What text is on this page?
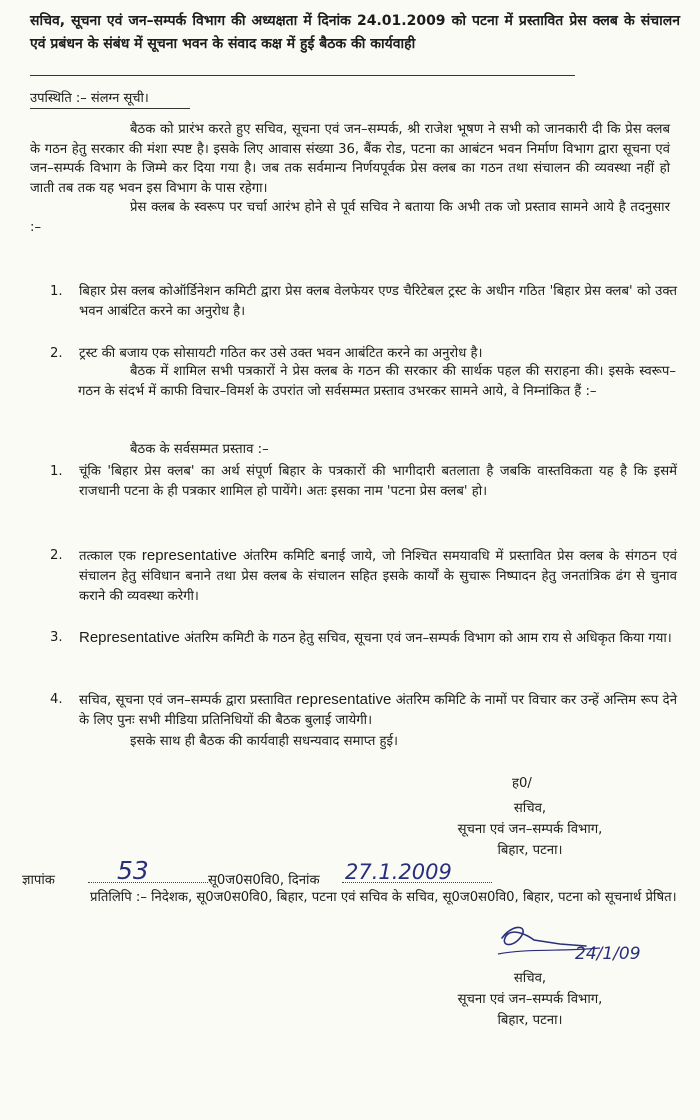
सचिव, सूचना एवं जन–सम्पर्क विभाग की अध्यक्षता में दिनांक 24.01.2009 को पटना में प्रस्तावित प्रेस क्लब के संचालन एवं प्रबंधन के संबंध में सूचना भवन के संवाद कक्ष में हुई बैठक की कार्यवाही
उपस्थिति :– संलग्न सूची।
बैठक को प्रारंभ करते हुए सचिव, सूचना एवं जन–सम्पर्क, श्री राजेश भूषण ने सभी को जानकारी दी कि प्रेस क्लब के गठन हेतु सरकार की मंशा स्पष्ट है। इसके लिए आवास संख्या 36, बैंक रोड, पटना का आबंटन भवन निर्माण विभाग द्वारा सूचना एवं जन–सम्पर्क विभाग के जिम्मे कर दिया गया है। जब तक सर्वमान्य निर्णयपूर्वक प्रेस क्लब का गठन तथा संचालन की व्यवस्था नहीं हो जाती तब तक यह भवन इस विभाग के पास रहेगा।
प्रेस क्लब के स्वरूप पर चर्चा आरंभ होने से पूर्व सचिव ने बताया कि अभी तक जो प्रस्ताव सामने आये है तदनुसार :–
1. बिहार प्रेस क्लब कोऑर्डिनेशन कमिटी द्वारा प्रेस क्लब वेलफेयर एण्ड चैरिटेबल ट्रस्ट के अधीन गठित 'बिहार प्रेस क्लब' को उक्त भवन आबंटित करने का अनुरोध है।
2. ट्रस्ट की बजाय एक सोसायटी गठित कर उसे उक्त भवन आबंटित करने का अनुरोध है।
बैठक में शामिल सभी पत्रकारों ने प्रेस क्लब के गठन की सरकार की सार्थक पहल की सराहना की। इसके स्वरूप–गठन के संदर्भ में काफी विचार–विमर्श के उपरांत जो सर्वसम्मत प्रस्ताव उभरकर सामने आये, वे निम्नांकित हैं :–
बैठक के सर्वसम्मत प्रस्ताव :–
1. चूंकि 'बिहार प्रेस क्लब' का अर्थ संपूर्ण बिहार के पत्रकारों की भागीदारी बतलाता है जबकि वास्तविकता यह है कि इसमें राजधानी पटना के ही पत्रकार शामिल हो पायेंगे। अतः इसका नाम 'पटना प्रेस क्लब' हो।
2. तत्काल एक representative अंतरिम कमिटि बनाई जाये, जो निश्चित समयावधि में प्रस्तावित प्रेस क्लब के संगठन एवं संचालन हेतु संविधान बनाने तथा प्रेस क्लब के संचालन सहित इसके कार्यों के सुचारू निष्पादन हेतु जनतांत्रिक ढंग से चुनाव कराने की व्यवस्था करेगी।
3. Representative अंतरिम कमिटी के गठन हेतु सचिव, सूचना एवं जन–सम्पर्क विभाग को आम राय से अधिकृत किया गया।
4. सचिव, सूचना एवं जन–सम्पर्क द्वारा प्रस्तावित representative अंतरिम कमिटि के नामों पर विचार कर उन्हें अन्तिम रूप देने के लिए पुनः सभी मीडिया प्रतिनिधियों की बैठक बुलाई जायेगी।
इसके साथ ही बैठक की कार्यवाही सधन्यवाद समाप्त हुई।
ह0/
सचिव,
सूचना एवं जन–सम्पर्क विभाग,
बिहार, पटना।
ज्ञापांक 53	सू0ज0स0वि0, दिनांक 27.1.2009
प्रतिलिपि :– निदेशक, सू0ज0स0वि0, बिहार, पटना एवं सचिव के सचिव, सू0ज0स0वि0, बिहार, पटना को सूचनार्थ प्रेषित।
24/1/09
सचिव,
सूचना एवं जन–सम्पर्क विभाग,
बिहार, पटना।
